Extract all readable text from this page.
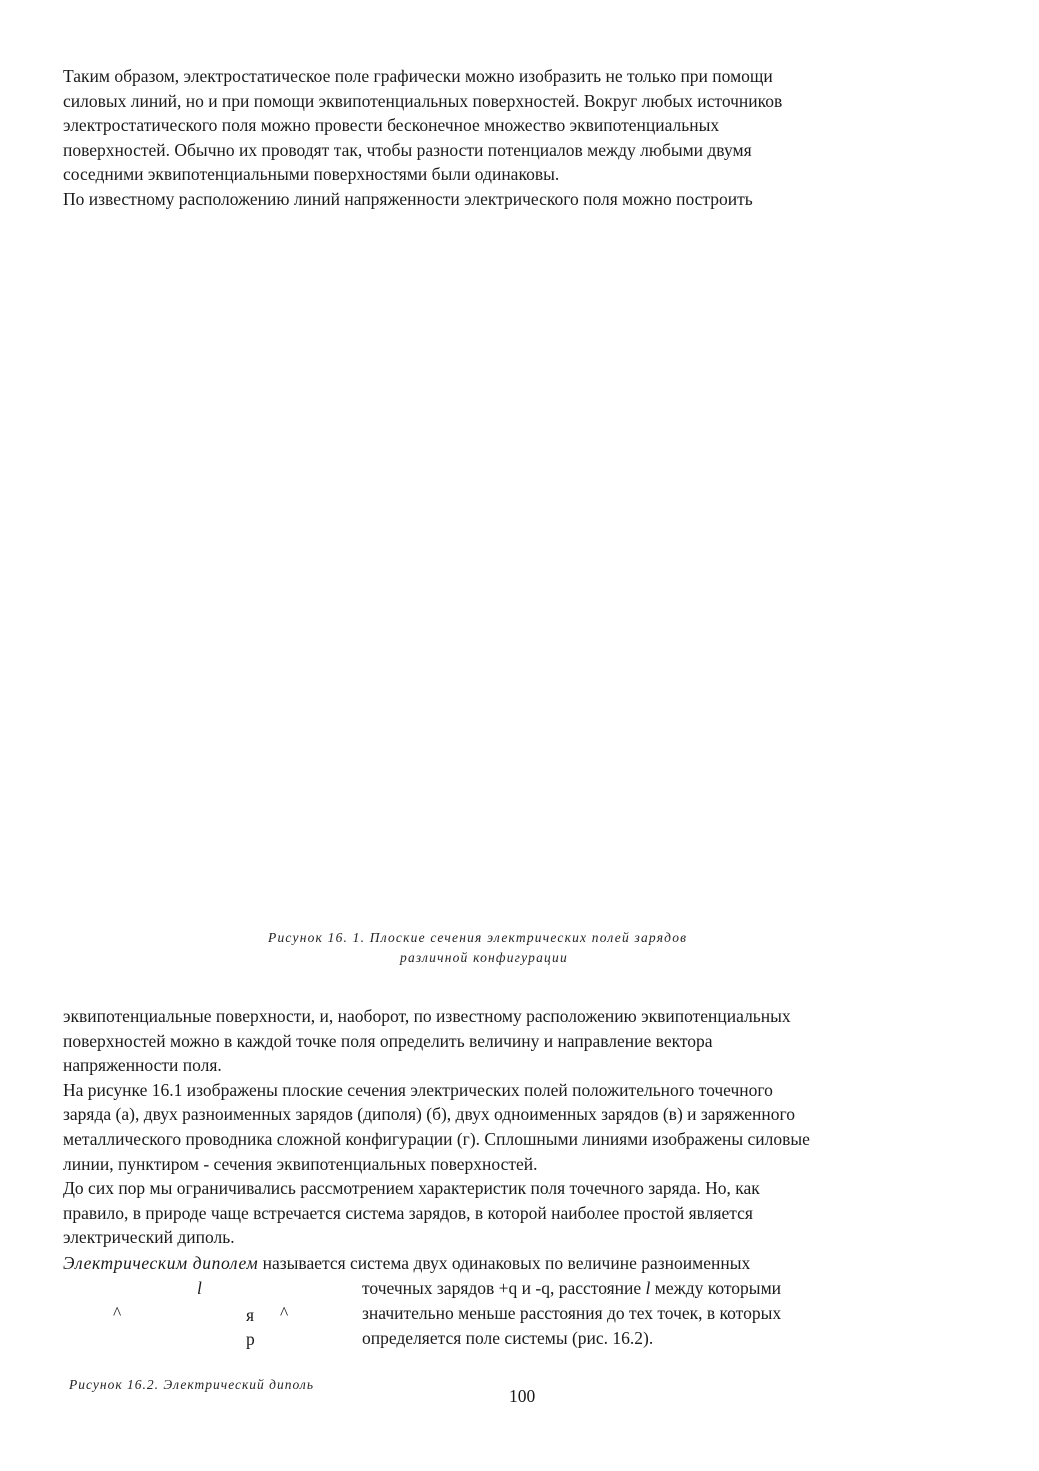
Таким образом, электростатическое поле графически можно изобразить не только при помощи
силовых линий, но и при помощи эквипотенциальных поверхностей. Вокруг любых источников
электростатического поля можно провести бесконечное множество эквипотенциальных
поверхностей. Обычно их проводят так, чтобы разности потенциалов между любыми двумя
соседними эквипотенциальными поверхностями были одинаковы.
По известному расположению линий напряженности электрического поля можно построить
Рисунок 16. 1. Плоские сечения электрических полей зарядов
различной конфигурации
эквипотенциальные поверхности, и, наоборот, по известному расположению эквипотенциальных
поверхностей можно в каждой точке поля определить величину и направление вектора
напряженности поля.
На рисунке 16.1 изображены плоские сечения электрических полей положительного точечного
заряда (а), двух разноименных зарядов (диполя) (б), двух одноименных зарядов (в) и заряженного
металлического проводника сложной конфигурации (г). Сплошными линиями изображены силовые
линии, пунктиром - сечения эквипотенциальных поверхностей.
До сих пор мы ограничивались рассмотрением характеристик поля точечного заряда. Но, как
правило, в природе чаще встречается система зарядов, в которой наиболее простой является
электрический диполь.
Электрическим диполем называется система двух одинаковых по величине разноименных
l	точечных зарядов +q и -q, расстояние l между которыми
^	я ^	значительно меньше расстояния до тех точек, в которых
р	определяется поле системы (рис. 16.2).
Рисунок 16.2. Электрический диполь
100
